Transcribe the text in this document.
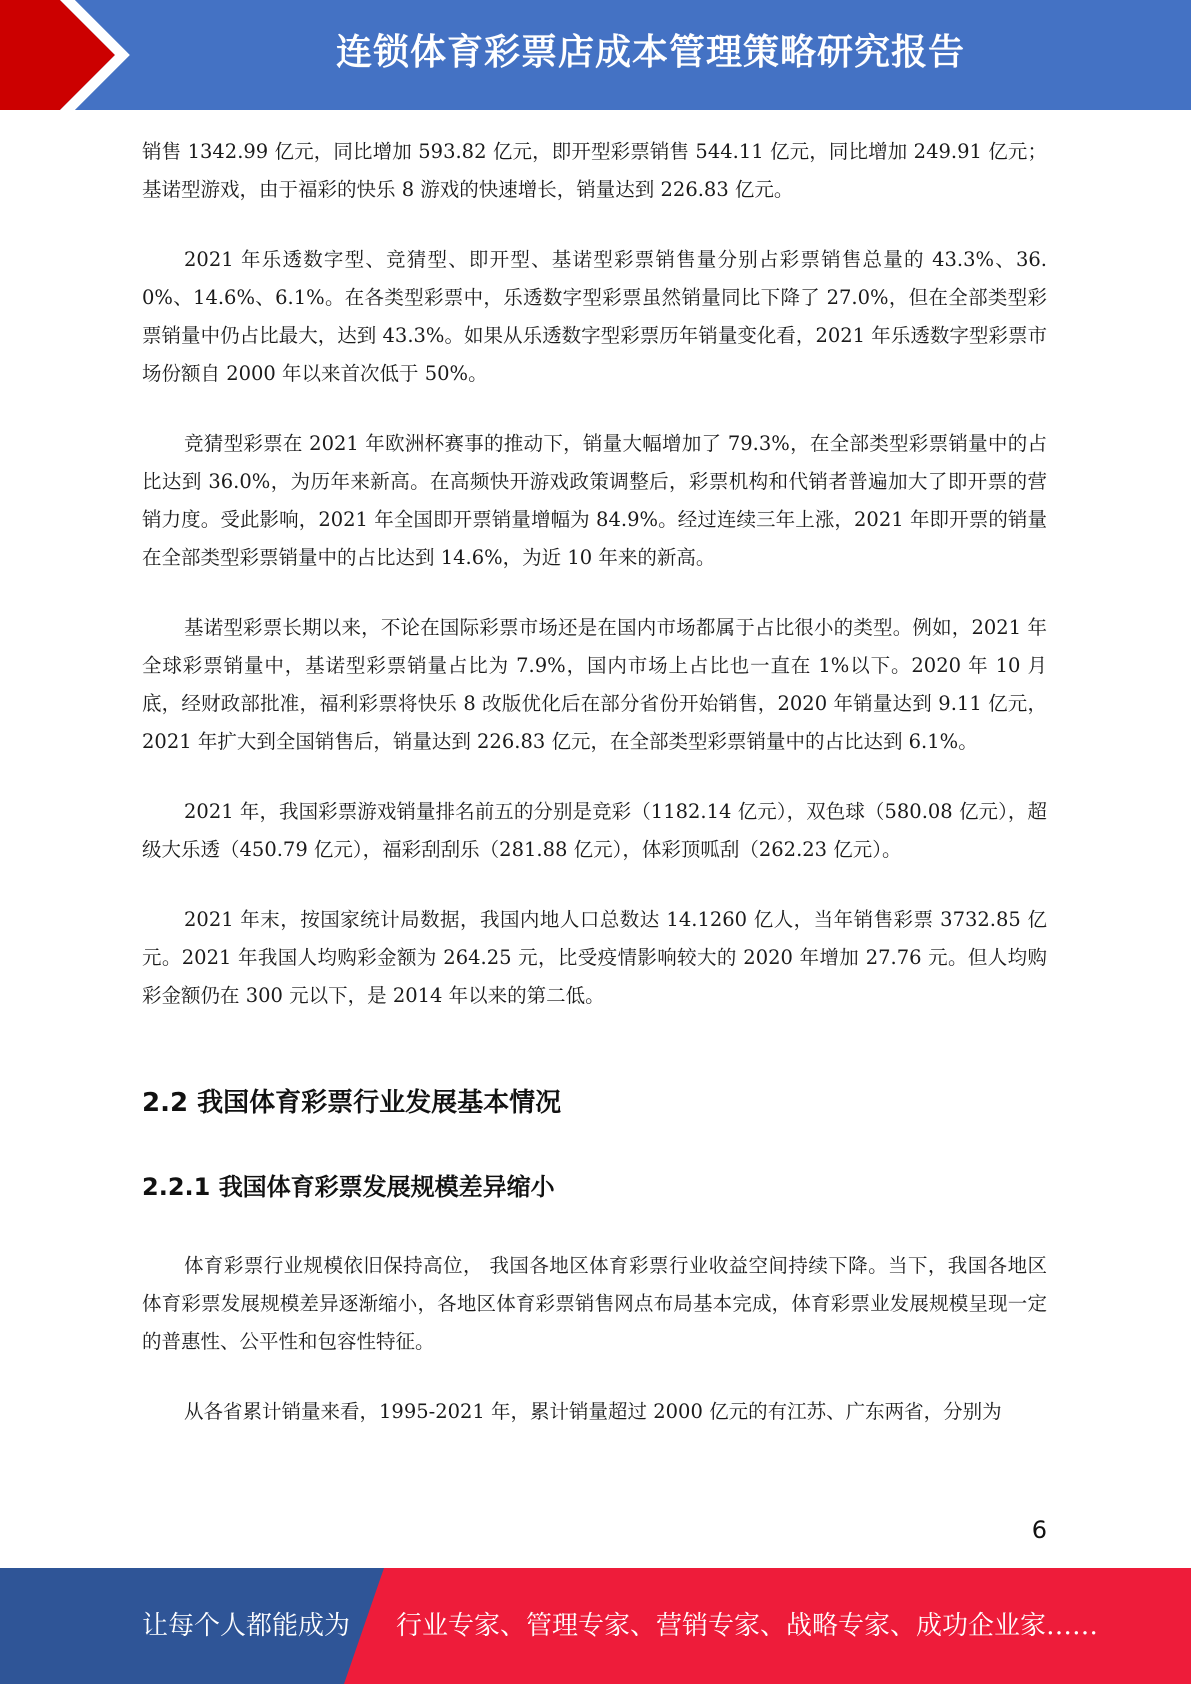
连锁体育彩票店成本管理策略研究报告

销售 1342.99 亿元，同比增加 593.82 亿元，即开型彩票销售 544.11 亿元，同比增加 249.91 亿元；基诺型游戏，由于福彩的快乐 8 游戏的快速增长，销量达到 226.83 亿元。

2021 年乐透数字型、竞猜型、即开型、基诺型彩票销售量分别占彩票销售总量的 43.3%、36.0%、14.6%、6.1%。在各类型彩票中，乐透数字型彩票虽然销量同比下降了 27.0%，但在全部类型彩票销量中仍占比最大，达到 43.3%。如果从乐透数字型彩票历年销量变化看，2021 年乐透数字型彩票市场份额自 2000 年以来首次低于 50%。

竞猜型彩票在 2021 年欧洲杯赛事的推动下，销量大幅增加了 79.3%，在全部类型彩票销量中的占比达到 36.0%，为历年来新高。在高频快开游戏政策调整后，彩票机构和代销者普遍加大了即开票的营销力度。受此影响，2021 年全国即开票销量增幅为 84.9%。经过连续三年上涨，2021 年即开票的销量在全部类型彩票销量中的占比达到 14.6%，为近 10 年来的新高。

基诺型彩票长期以来，不论在国际彩票市场还是在国内市场都属于占比很小的类型。例如，2021 年全球彩票销量中，基诺型彩票销量占比为 7.9%，国内市场上占比也一直在 1%以下。2020 年 10 月底，经财政部批准，福利彩票将快乐 8 改版优化后在部分省份开始销售，2020 年销量达到 9.11 亿元，2021 年扩大到全国销售后，销量达到 226.83 亿元，在全部类型彩票销量中的占比达到 6.1%。

2021 年，我国彩票游戏销量排名前五的分别是竞彩（1182.14 亿元），双色球（580.08 亿元），超级大乐透（450.79 亿元），福彩刮刮乐（281.88 亿元），体彩顶呱刮（262.23 亿元）。

2021 年末，按国家统计局数据，我国内地人口总数达 14.1260 亿人，当年销售彩票 3732.85 亿元。2021 年我国人均购彩金额为 264.25 元，比受疫情影响较大的 2020 年增加 27.76 元。但人均购彩金额仍在 300 元以下，是 2014 年以来的第二低。

2.2 我国体育彩票行业发展基本情况
2.2.1 我国体育彩票发展规模差异缩小

体育彩票行业规模依旧保持高位， 我国各地区体育彩票行业收益空间持续下降。当下，我国各地区体育彩票发展规模差异逐渐缩小，各地区体育彩票销售网点布局基本完成，体育彩票业发展规模呈现一定的普惠性、公平性和包容性特征。

从各省累计销量来看，1995-2021 年，累计销量超过 2000 亿元的有江苏、广东两省，分别为

6
让每个人都能成为 行业专家、管理专家、营销专家、战略专家、成功企业家……
